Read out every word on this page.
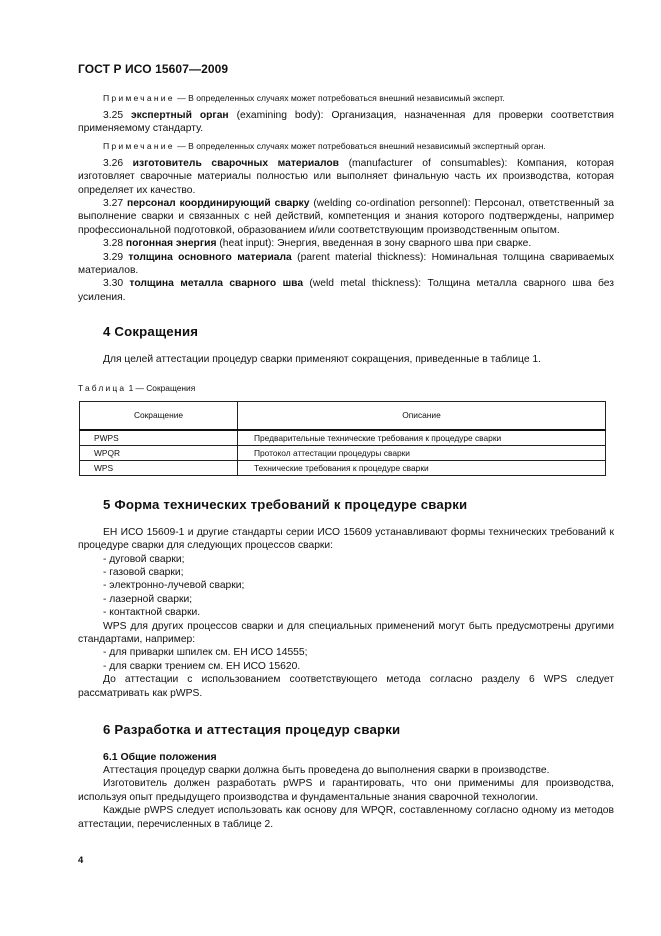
ГОСТ Р ИСО 15607—2009

Примечание — В определенных случаях может потребоваться внешний независимый эксперт.

3.25 экспертный орган (examining body): Организация, назначенная для проверки соответствия применяемому стандарту.

Примечание — В определенных случаях может потребоваться внешний независимый экспертный орган.

3.26 изготовитель сварочных материалов (manufacturer of consumables): Компания, которая изготовляет сварочные материалы полностью или выполняет финальную часть их производства, которая определяет их качество.

3.27 персонал координирующий сварку (welding co-ordination personnel): Персонал, ответственный за выполнение сварки и связанных с ней действий, компетенция и знания которого подтверждены, например профессиональной подготовкой, образованием и/или соответствующим производственным опытом.

3.28 погонная энергия (heat input): Энергия, введенная в зону сварного шва при сварке.

3.29 толщина основного материала (parent material thickness): Номинальная толщина свариваемых материалов.

3.30 толщина металла сварного шва (weld metal thickness): Толщина металла сварного шва без усиления.

4 Сокращения

Для целей аттестации процедур сварки применяют сокращения, приведенные в таблице 1.

Таблица 1 — Сокращения
Сокращение	Описание
PWPS	Предварительные технические требования к процедуре сварки
WPQR	Протокол аттестации процедуры сварки
WPS	Технические требования к процедуре сварки
5 Форма технических требований к процедуре сварки

ЕН ИСО 15609-1 и другие стандарты серии ИСО 15609 устанавливают формы технических требований к процедуре сварки для следующих процессов сварки:

- дуговой сварки;
- газовой сварки;
- электронно-лучевой сварки;
- лазерной сварки;
- контактной сварки.

WPS для других процессов сварки и для специальных применений могут быть предусмотрены другими стандартами, например:

- для приварки шпилек см. ЕН ИСО 14555;
- для сварки трением см. ЕН ИСО 15620.

До аттестации с использованием соответствующего метода согласно разделу 6 WPS следует рассматривать как pWPS.

6 Разработка и аттестация процедур сварки
6.1 Общие положения

Аттестация процедур сварки должна быть проведена до выполнения сварки в производстве.

Изготовитель должен разработать pWPS и гарантировать, что они применимы для производства, используя опыт предыдущего производства и фундаментальные знания сварочной технологии.

Каждые pWPS следует использовать как основу для WPQR, составленному согласно одному из методов аттестации, перечисленных в таблице 2.

4
